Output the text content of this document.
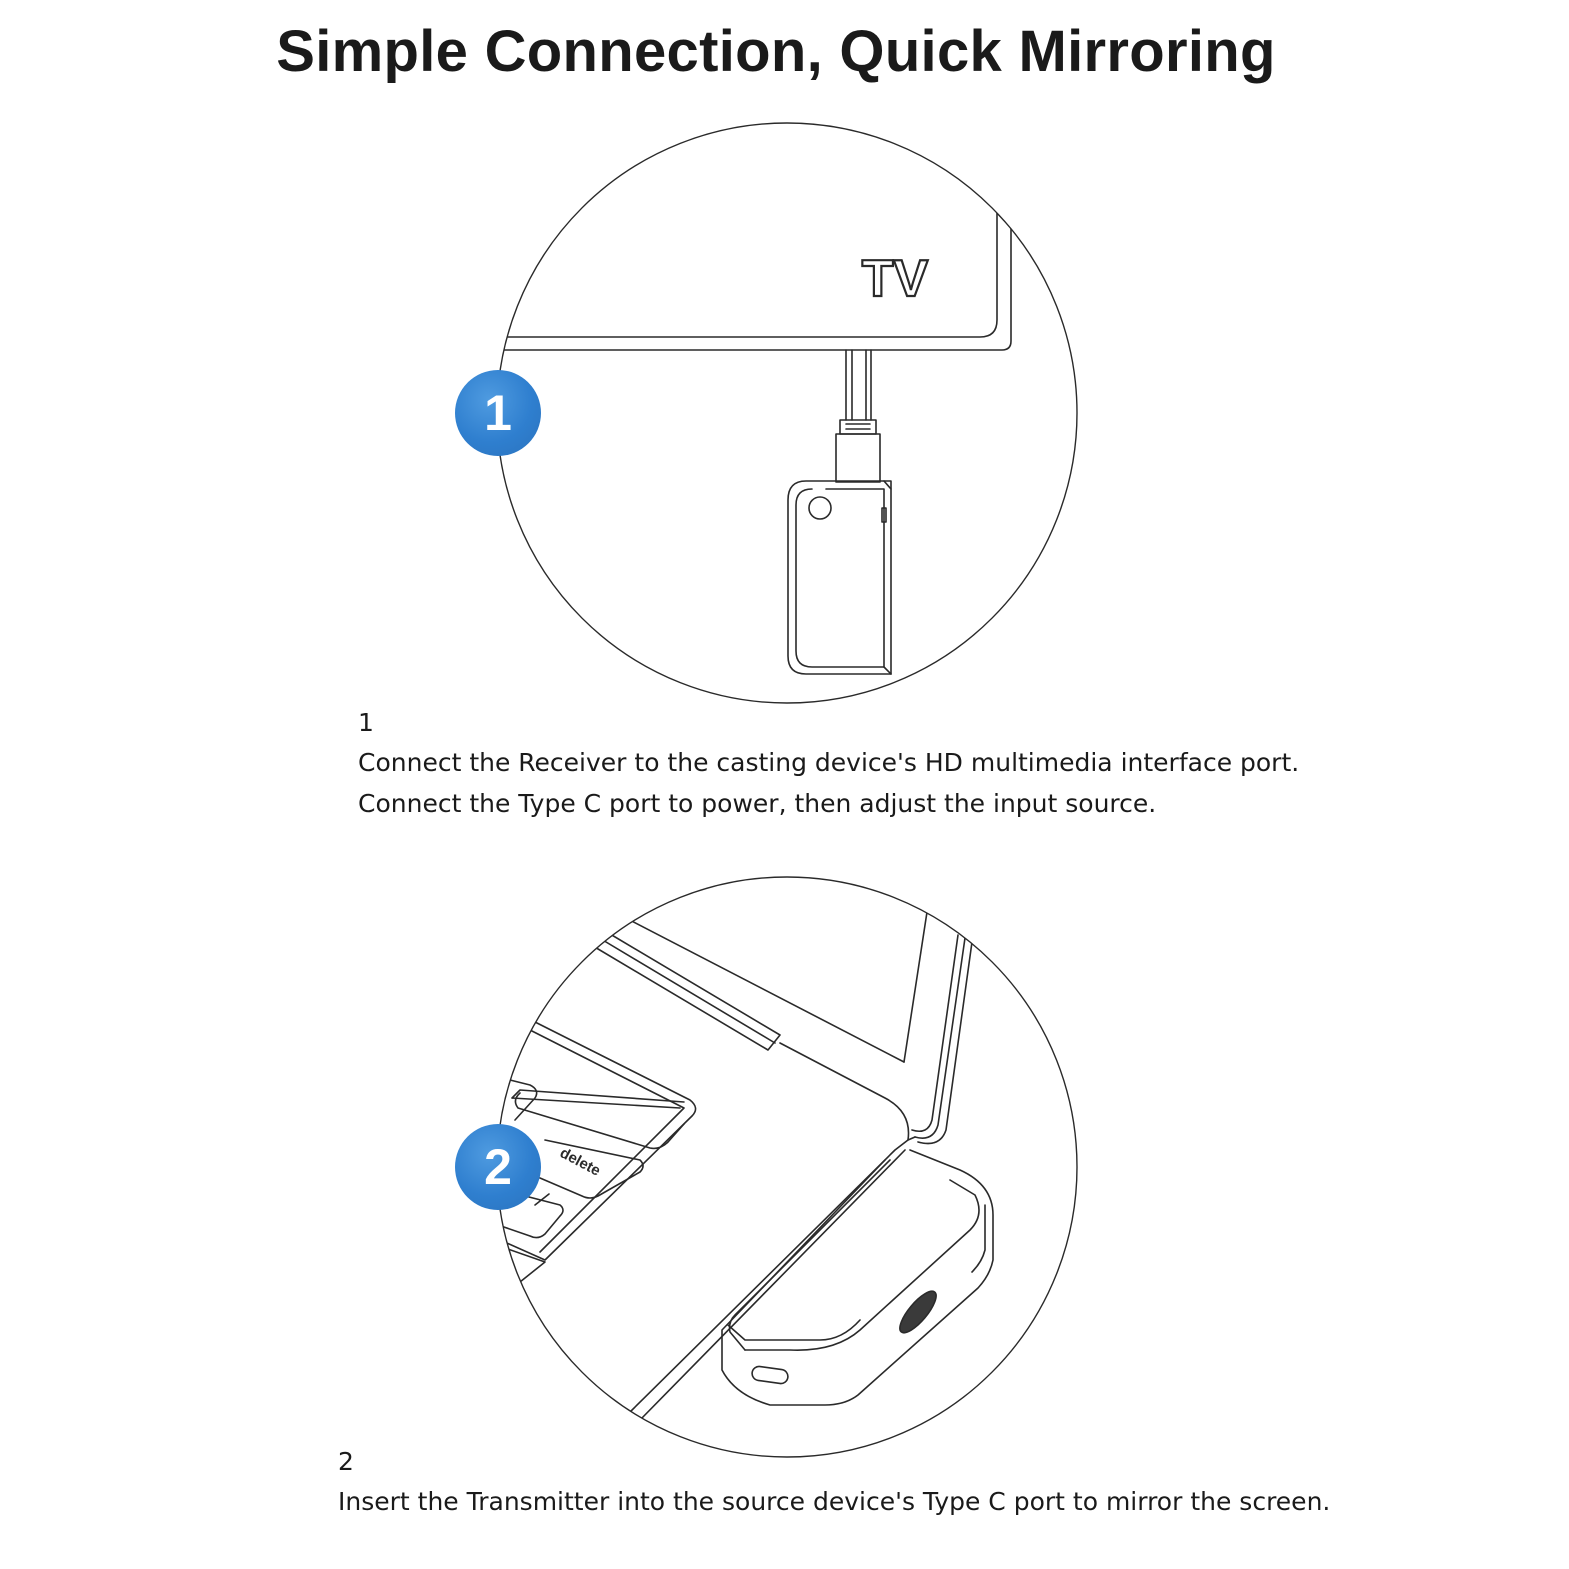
Simple Connection, Quick Mirroring
TV
delete
1
2
1
Connect the Receiver to the casting device's HD multimedia interface port.
Connect the Type C port to power, then adjust the input source.
2
Insert the Transmitter into the source device's Type C port to mirror the screen.
